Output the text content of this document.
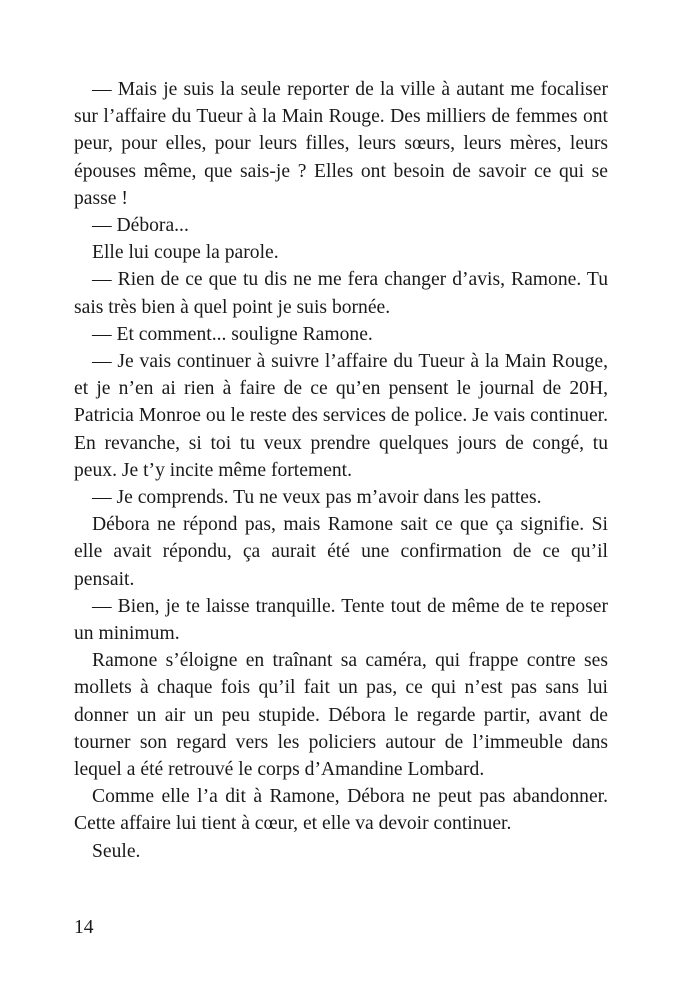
— Mais je suis la seule reporter de la ville à autant me focaliser sur l’affaire du Tueur à la Main Rouge. Des milliers de femmes ont peur, pour elles, pour leurs filles, leurs sœurs, leurs mères, leurs épouses même, que sais-je ? Elles ont besoin de savoir ce qui se passe !

— Débora...

Elle lui coupe la parole.

— Rien de ce que tu dis ne me fera changer d’avis, Ramone. Tu sais très bien à quel point je suis bornée.

— Et comment... souligne Ramone.

— Je vais continuer à suivre l’affaire du Tueur à la Main Rouge, et je n’en ai rien à faire de ce qu’en pensent le journal de 20H, Patricia Monroe ou le reste des services de police. Je vais continuer. En revanche, si toi tu veux prendre quelques jours de congé, tu peux. Je t’y incite même fortement.

— Je comprends. Tu ne veux pas m’avoir dans les pattes.

Débora ne répond pas, mais Ramone sait ce que ça signifie. Si elle avait répondu, ça aurait été une confirmation de ce qu’il pensait.

— Bien, je te laisse tranquille. Tente tout de même de te reposer un minimum.

Ramone s’éloigne en traînant sa caméra, qui frappe contre ses mollets à chaque fois qu’il fait un pas, ce qui n’est pas sans lui donner un air un peu stupide. Débora le regarde partir, avant de tourner son regard vers les policiers autour de l’immeuble dans lequel a été retrouvé le corps d’Amandine Lombard.

Comme elle l’a dit à Ramone, Débora ne peut pas abandonner. Cette affaire lui tient à cœur, et elle va devoir continuer.

Seule.

14
